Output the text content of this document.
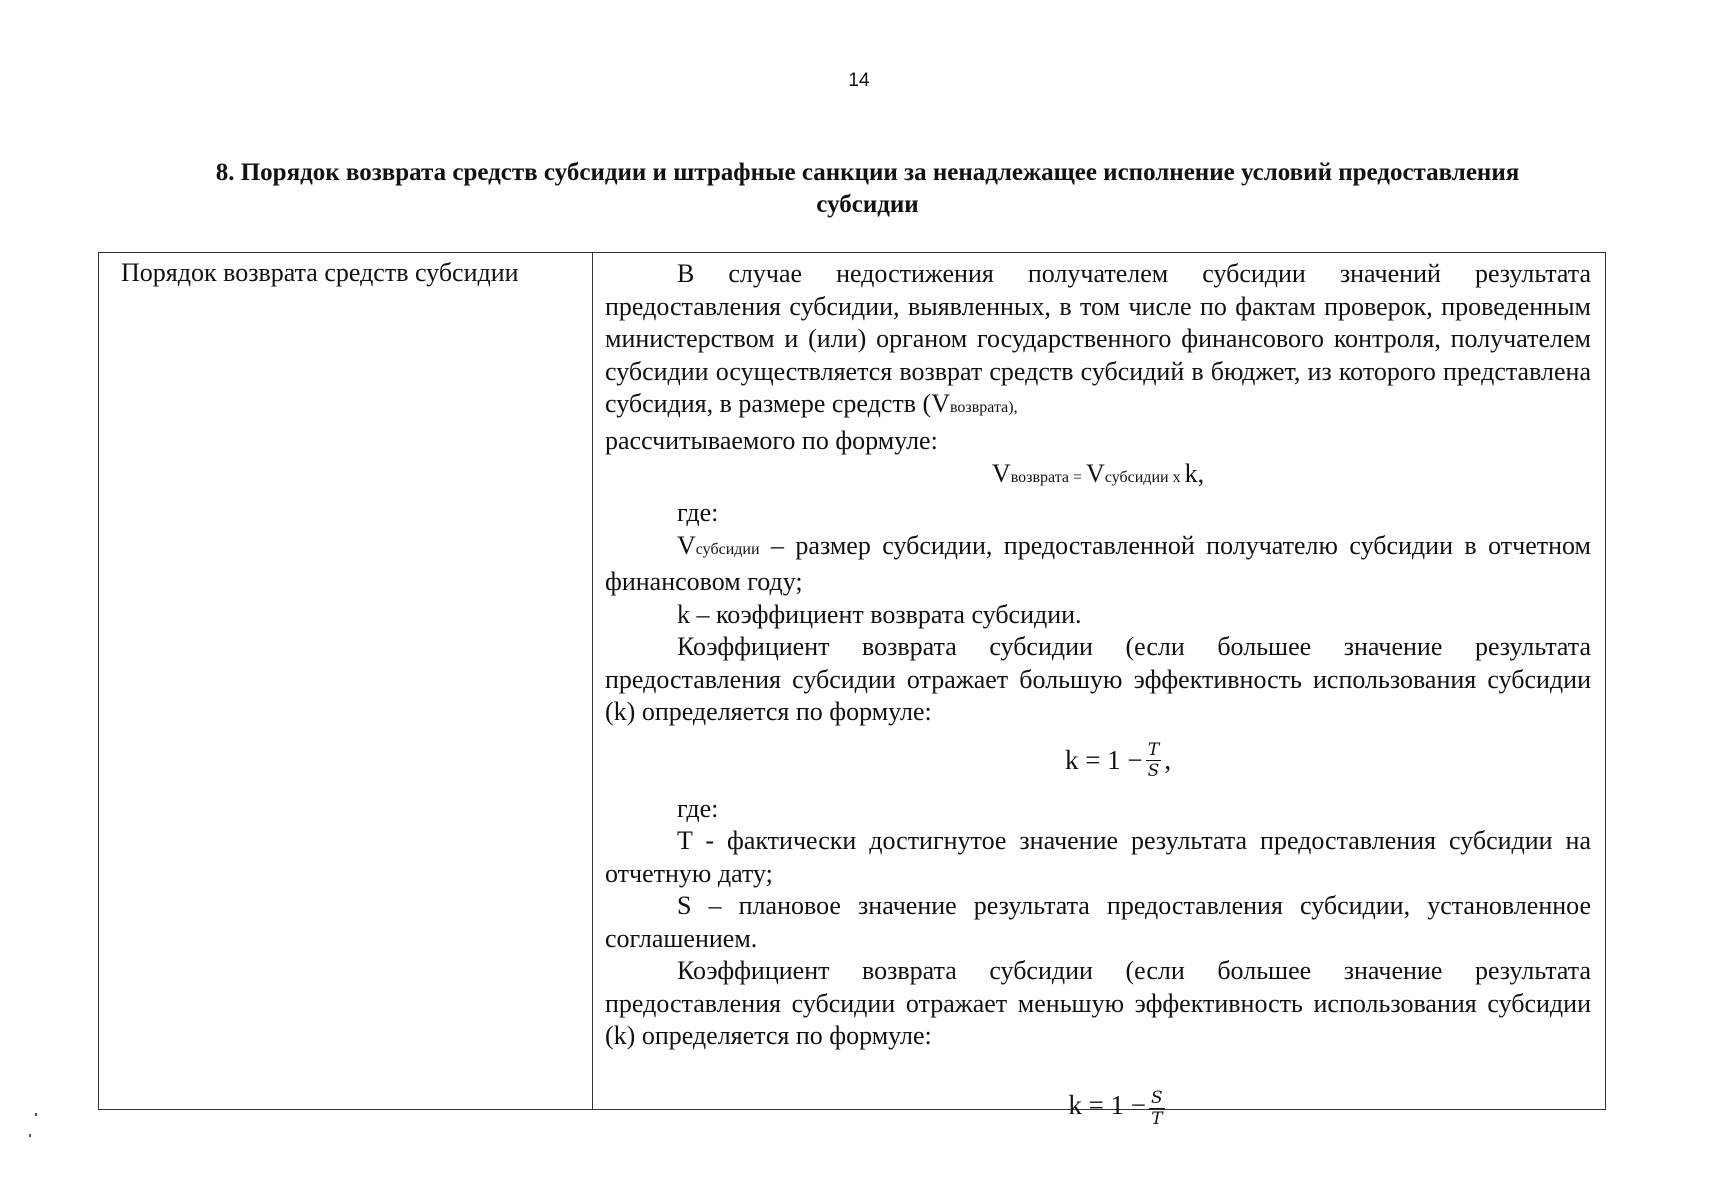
14
8. Порядок возврата средств субсидии и штрафные санкции за ненадлежащее исполнение условий предоставления субсидии
Порядок возврата средств субсидии	В случае недостижения получателем субсидии значений результата предоставления субсидии, выявленных, в том числе по фактам проверок, проведенным министерством и (или) органом государственного финансового контроля, получателем субсидии осуществляется возврат средств субсидий в бюджет, из которого представлена субсидия, в размере средств (Vвозврата),

рассчитываемого по формуле:

Vвозврата = Vсубсидии x k,

где:

Vсубсидии – размер субсидии, предоставленной получателю субсидии в отчетном финансовом году;

k – коэффициент возврата субсидии.

Коэффициент возврата субсидии (если большее значение результата предоставления субсидии отражает большую эффективность использования субсидии (k) определяется по формуле:

k =
$1 - \frac{T}{S}$ ,

где:

T - фактически достигнутое значение результата предоставления субсидии на отчетную дату;

S – плановое значение результата предоставления субсидии, установленное соглашением.

Коэффициент возврата субсидии (если большее значение результата предоставления субсидии отражает меньшую эффективность использования субсидии (k) определяется по формуле:

$k = 1 - \frac{S}{T}$
